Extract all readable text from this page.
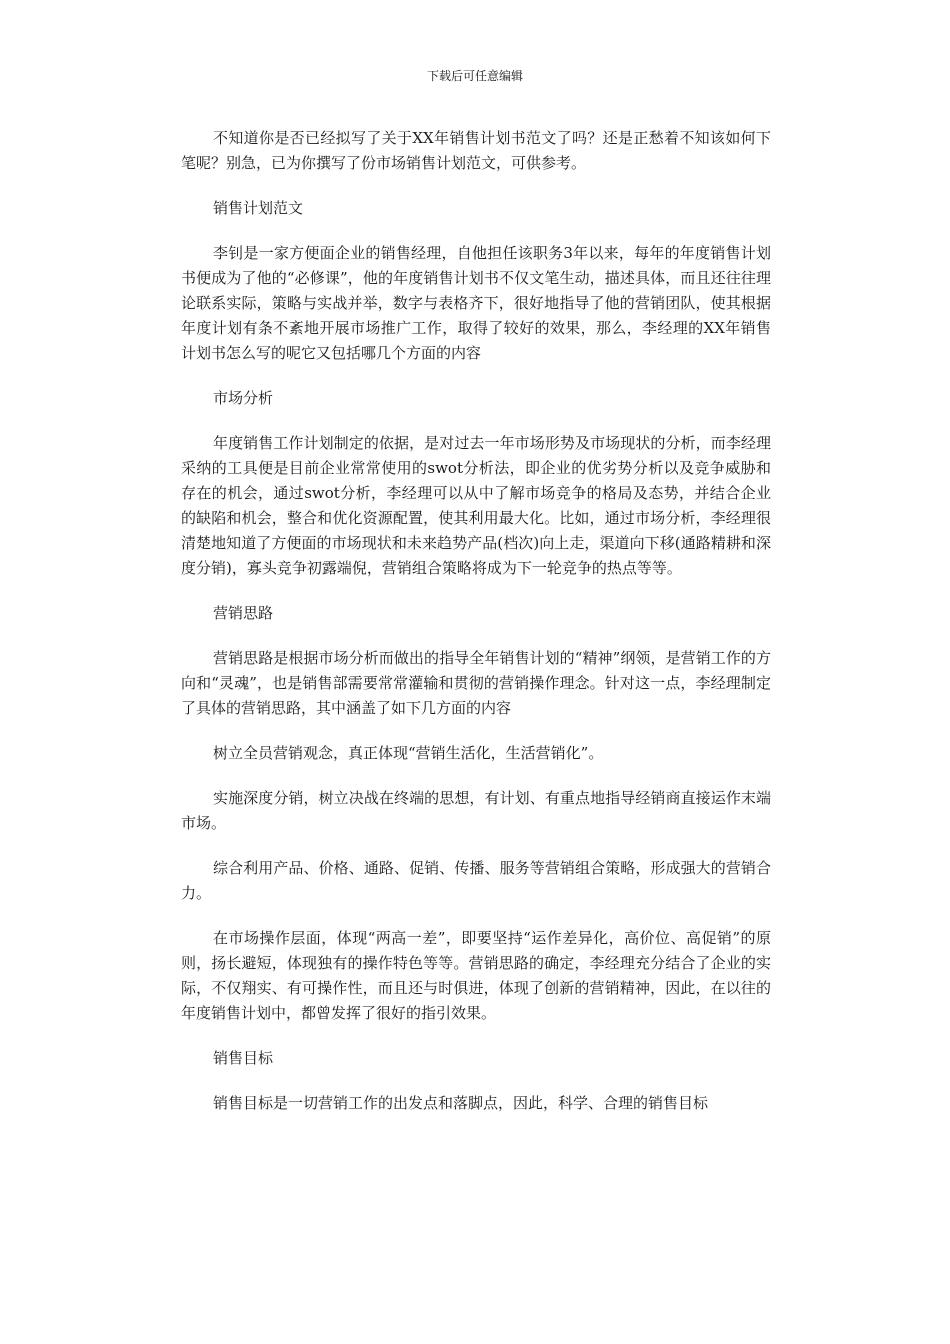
下载后可任意编辑

不知道你是否已经拟写了关于XX年销售计划书范文了吗？还是正愁着不知该如何下笔呢？别急，已为你撰写了份市场销售计划范文，可供参考。

销售计划范文

李钊是一家方便面企业的销售经理，自他担任该职务3年以来，每年的年度销售计划书便成为了他的“必修课”，他的年度销售计划书不仅文笔生动，描述具体，而且还往往理论联系实际，策略与实战并举，数字与表格齐下，很好地指导了他的营销团队，使其根据年度计划有条不紊地开展市场推广工作，取得了较好的效果，那么，李经理的XX年销售计划书怎么写的呢它又包括哪几个方面的内容

市场分析

年度销售工作计划制定的依据，是对过去一年市场形势及市场现状的分析，而李经理采纳的工具便是目前企业常常使用的swot分析法，即企业的优劣势分析以及竞争威胁和存在的机会，通过swot分析，李经理可以从中了解市场竞争的格局及态势，并结合企业的缺陷和机会，整合和优化资源配置，使其利用最大化。比如，通过市场分析，李经理很清楚地知道了方便面的市场现状和未来趋势产品(档次)向上走，渠道向下移(通路精耕和深度分销)，寡头竞争初露端倪，营销组合策略将成为下一轮竞争的热点等等。

营销思路

营销思路是根据市场分析而做出的指导全年销售计划的“精神”纲领，是营销工作的方向和“灵魂”，也是销售部需要常常灌输和贯彻的营销操作理念。针对这一点，李经理制定了具体的营销思路，其中涵盖了如下几方面的内容

树立全员营销观念，真正体现“营销生活化，生活营销化”。

实施深度分销，树立决战在终端的思想，有计划、有重点地指导经销商直接运作末端市场。

综合利用产品、价格、通路、促销、传播、服务等营销组合策略，形成强大的营销合力。

在市场操作层面，体现“两高一差”，即要坚持“运作差异化，高价位、高促销”的原则，扬长避短，体现独有的操作特色等等。营销思路的确定，李经理充分结合了企业的实际，不仅翔实、有可操作性，而且还与时俱进，体现了创新的营销精神，因此，在以往的年度销售计划中，都曾发挥了很好的指引效果。

销售目标

销售目标是一切营销工作的出发点和落脚点，因此，科学、合理的销售目标
